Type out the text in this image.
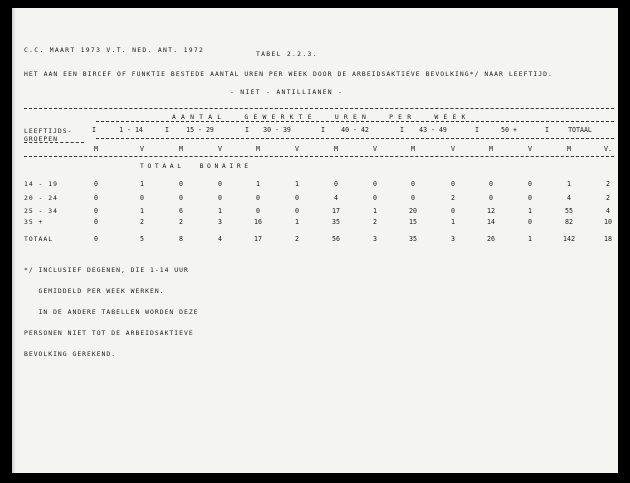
C.C. MAART 1973 V.T. NED. ANT. 1972	TABEL 2.2.3.
HET AAN EEN BIRCEF OF FUNKTIE BESTEDE AANTAL UREN PER WEEK DOOR DE ARBEIDSAKTIEVE BEVOLKING*/ NAAR LEEFTIJD.
- NIET - ANTILLIANEN -
AANTAL  GEWERKTE  UREN  PER  WEEK
LEEFTIJDS-
GROEPEN
1 - 14	15 - 29	30 - 39	40 - 42	43 - 49	50 +	TOTAAL
I	I	I	I	I	I	I
M	V	M	V	M	V	M	V	M	V	M	V	M	V.
TOTAAL  BONAIRE
14 - 19	0	1	0	0	1	1	0	0	0	0	0	0	1	2
20 - 24	0	0	0	0	0	0	4	0	0	2	0	0	4	2
25 - 34	0	1	6	1	0	0	17	1	20	0	12	1	55	4
35 +	0	2	2	3	16	1	35	2	15	1	14	0	82	10
TOTAAL	0	5	8	4	17	2	56	3	35	3	26	1	142	18

*/ INCLUSIEF DEGENEN, DIE 1-14 UUR

GEMIDDELD PER WEEK WERKEN.

IN DE ANDERE TABELLEN WORDEN DEZE

PERSONEN NIET TOT DE ARBEIDSAKTIEVE

BEVOLKING GEREKEND.
